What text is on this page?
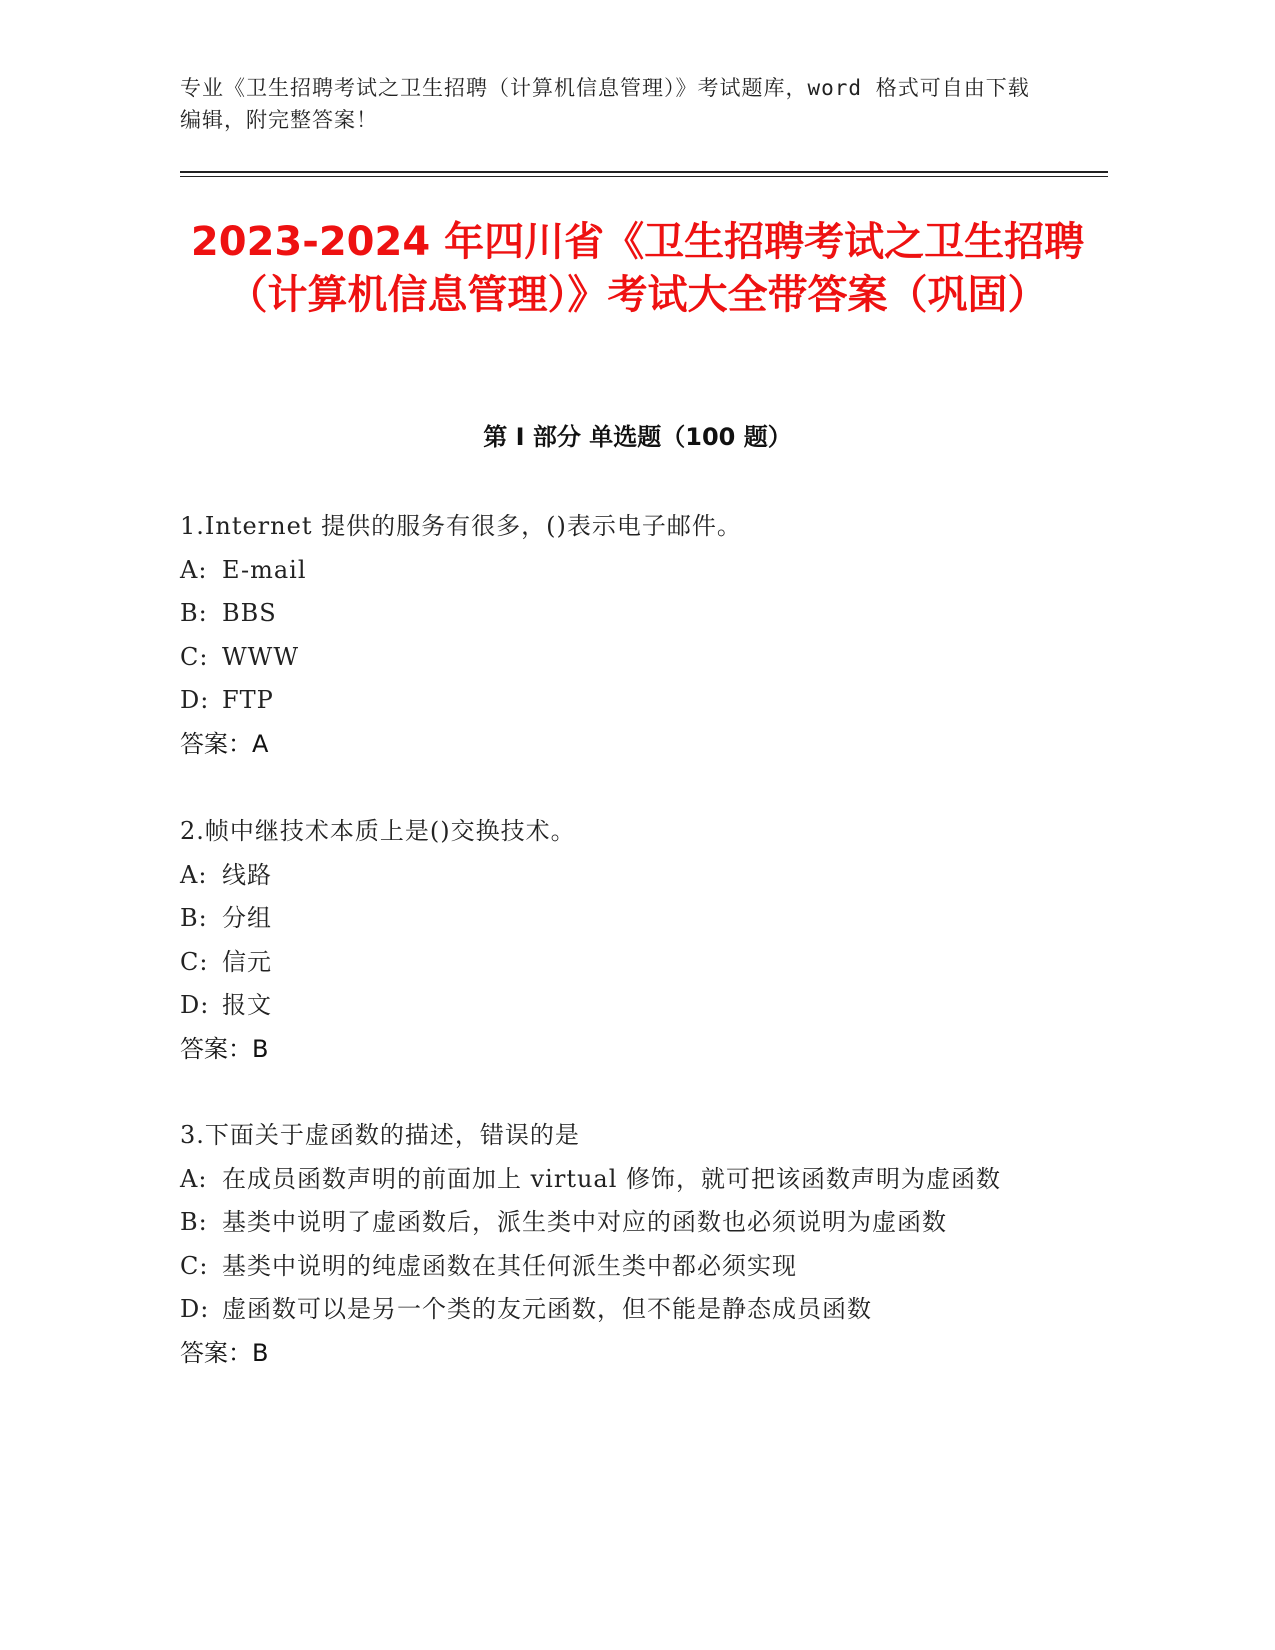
专业《卫生招聘考试之卫生招聘（计算机信息管理）》考试题库，word 格式可自由下载编辑，附完整答案！
2023-2024 年四川省《卫生招聘考试之卫生招聘（计算机信息管理）》考试大全带答案（巩固）
第 I 部分 单选题（100 题）

1.Internet 提供的服务有很多，()表示电子邮件。

A: E-mail

B: BBS

C: WWW

D: FTP

答案：A

2.帧中继技术本质上是()交换技术。

A: 线路

B: 分组

C: 信元

D: 报文

答案：B

3.下面关于虚函数的描述，错误的是

A: 在成员函数声明的前面加上 virtual 修饰，就可把该函数声明为虚函数

B: 基类中说明了虚函数后，派生类中对应的函数也必须说明为虚函数

C: 基类中说明的纯虚函数在其任何派生类中都必须实现

D: 虚函数可以是另一个类的友元函数，但不能是静态成员函数

答案：B
